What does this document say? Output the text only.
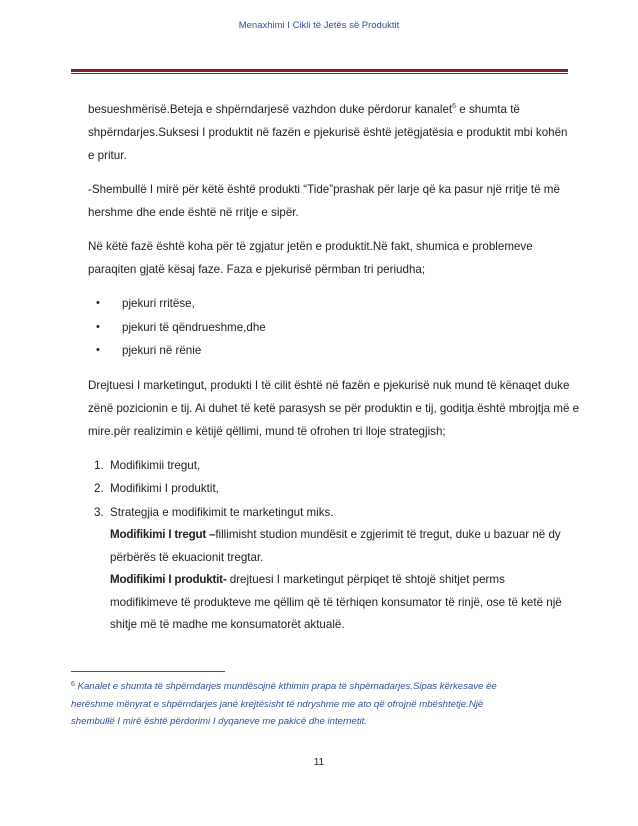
Menaxhimi I Cikli të Jetës së Produktit

besueshmërisë.Beteja e shpërndarjesë vazhdon duke përdorur kanalet$^6$ e shumta të
shpërndarjes.Suksesi I produktit në fazën e pjekurisë është jetëgjatësia e produktit mbi kohën
e pritur.

-Shembullë I mirë për këtë është produkti “Tide”prashak për larje që ka pasur një rritje të më
hershme dhe ende është në rritje e sipër.

Në këtë fazë është koha për të zgjatur jetën e produktit.Në fakt, shumica e problemeve
paraqiten gjatë kësaj faze. Faza e pjekurisë përmban tri periudha;

• pjekuri rritëse,
• pjekuri të qëndrueshme,dhe
• pjekuri në rënie

Drejtuesi I marketingut, produkti I të cilit është në fazën e pjekurisë nuk mund të kënaqet duke
zënë pozicionin e tij. Ai duhet të ketë parasysh se për produktin e tij, goditja është mbrojtja më e
mire.për realizimin e këtijë qëllimi, mund të ofrohen tri lloje strategjish;

1. Modifikimii tregut,
2. Modifikimi I produktit,
3. Strategjia e modifikimit te marketingut miks.
Modifikimi I tregut –fillimisht studion mundësit e zgjerimit të tregut, duke u bazuar në dy
përbërës të ekuacionit tregtar.
Modifikimi I produktit- drejtuesi I marketingut përpiqet të shtojë shitjet perms
modifikimeve të produkteve me qëllim që të tërhiqen konsumator të rinjë, ose të ketë një
shitje më të madhe me konsumatorët aktualë.
$^6$ Kanalet e shumta të shpërndarjes mundësojnë kthimin prapa të shpërnadarjes.Sipas kërkesave ëe
herëshme mënyrat e shpërndarjes janë krejtësisht të ndryshme me ato që ofrojnë mbështetje.Një
shembullë I mirë është përdorimi I dyqaneve me pakicë dhe internetit.
11
